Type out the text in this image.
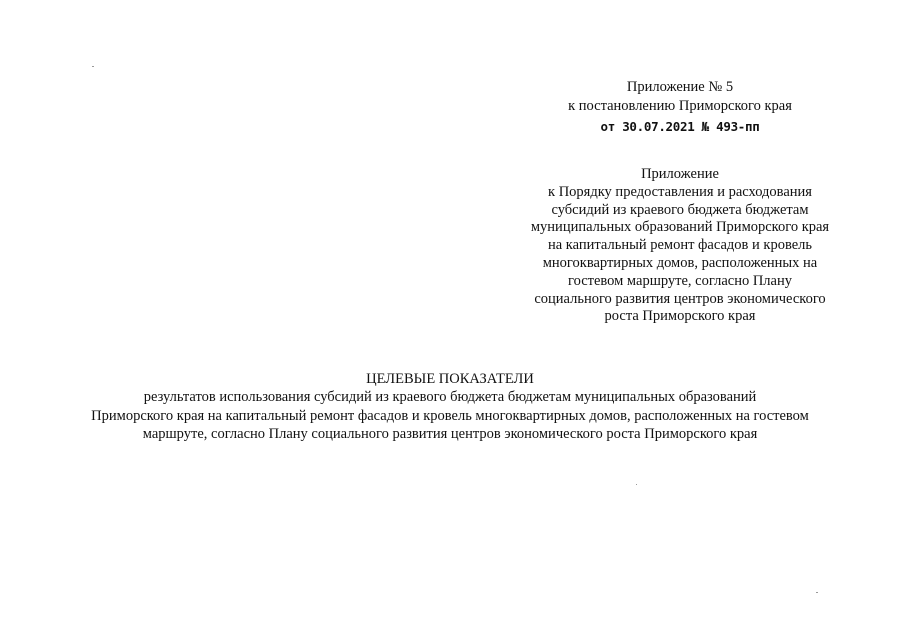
Приложение № 5
к постановлению Приморского края
от 30.07.2021 № 493-пп
Приложение
к Порядку предоставления и расходования
субсидий из краевого бюджета бюджетам
муниципальных образований Приморского края
на капитальный ремонт фасадов и кровель
многоквартирных домов, расположенных на
гостевом маршруте, согласно Плану
социального развития центров экономического
роста Приморского края
ЦЕЛЕВЫЕ ПОКАЗАТЕЛИ
результатов использования субсидий из краевого бюджета бюджетам муниципальных образований
Приморского края на капитальный ремонт фасадов и кровель многоквартирных домов, расположенных на гостевом
маршруте, согласно Плану социального развития центров экономического роста Приморского края
